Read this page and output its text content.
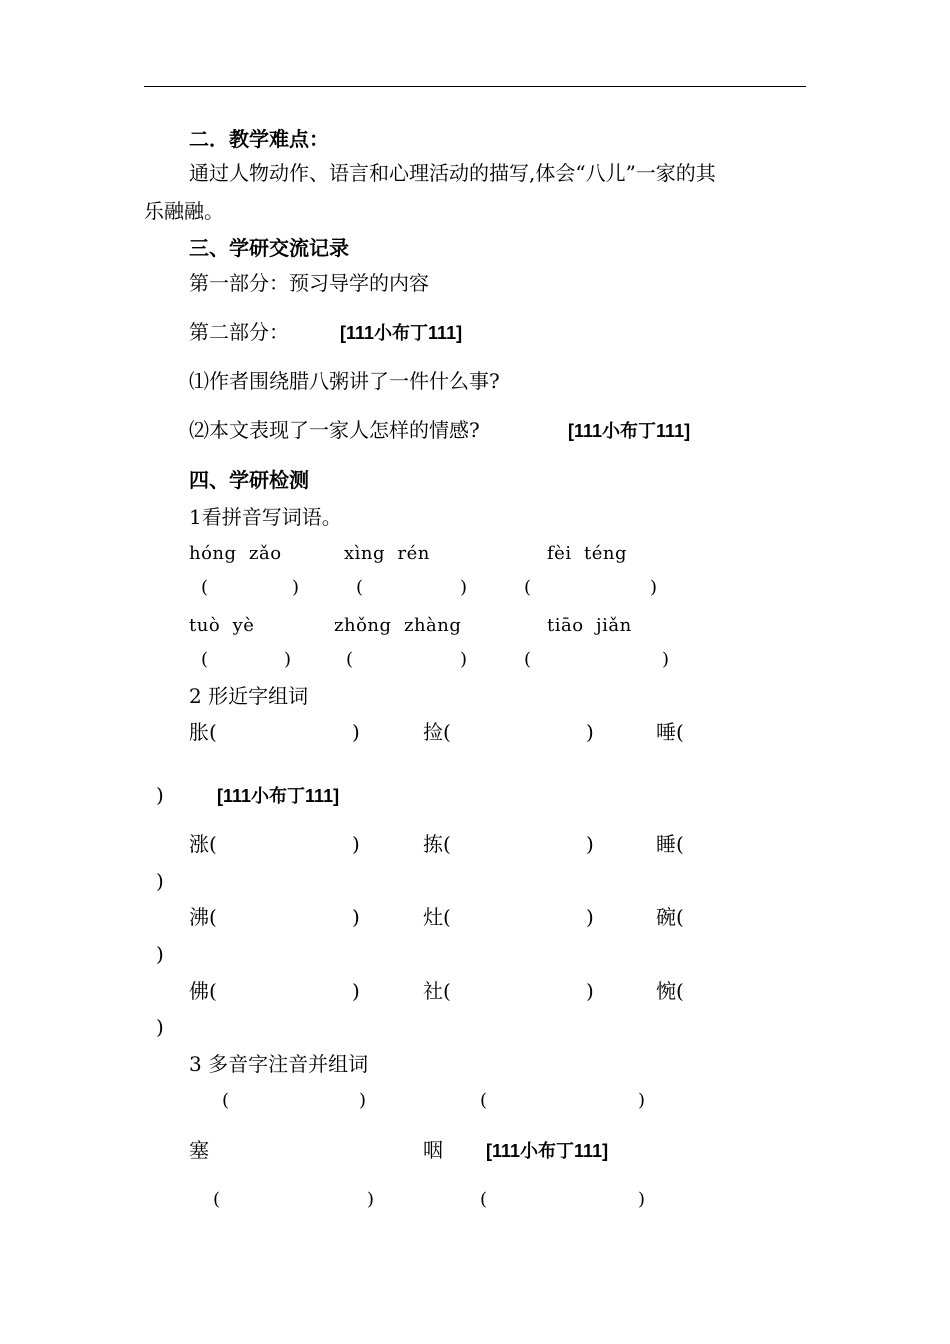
二．教学难点：
通过人物动作、语言和心理活动的描写,体会“八儿”一家的其
乐融融。
三、学研交流记录
第一部分：预习导学的内容
第二部分：	[111小布丁111]
⑴作者围绕腊八粥讲了一件什么事?
⑵本文表现了一家人怎样的情感?	[111小布丁111]
四、学研检测
1看拼音写词语。
hóng  zǎo	xìng  rén	fèi  téng
(	)	(	)	(	)
tuò  yè	zhǒng  zhàng	tiāo  jiǎn
(	)	(	)	(	)
2 形近字组词
胀(	)	捡(	)	唾(
)	[111小布丁111]
涨(	)	拣(	)	睡(
)
沸(	)	灶(	)	碗(
)
佛(	)	社(	)	惋(
)
3 多音字注音并组词
(	)	(	)
塞	咽 [111小布丁111]
(	)	(	)
